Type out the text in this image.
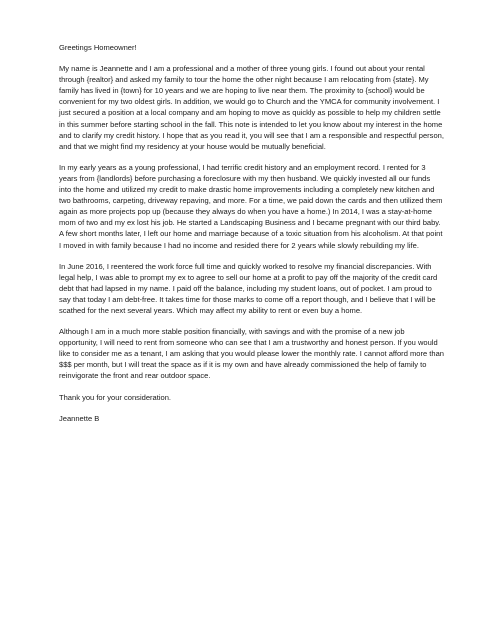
Greetings Homeowner!

My name is Jeannette and I am a professional and a mother of three young girls. I found out about your rental through {realtor} and asked my family to tour the home the other night because I am relocating from {state}. My family has lived in {town} for 10 years and we are hoping to live near them. The proximity to {school} would be convenient for my two oldest girls. In addition, we would go to Church and the YMCA for community involvement. I just secured a position at a local company and am hoping to move as quickly as possible to help my children settle in this summer before starting school in the fall. This note is intended to let you know about my interest in the home and to clarify my credit history. I hope that as you read it, you will see that I am a responsible and respectful person, and that we might find my residency at your house would be mutually beneficial.

In my early years as a young professional, I had terrific credit history and an employment record. I rented for 3 years from {landlords} before purchasing a foreclosure with my then husband. We quickly invested all our funds into the home and utilized my credit to make drastic home improvements including a completely new kitchen and two bathrooms, carpeting, driveway repaving, and more. For a time, we paid down the cards and then utilized them again as more projects pop up (because they always do when you have a home.) In 2014, I was a stay-at-home mom of two and my ex lost his job. He started a Landscaping Business and I became pregnant with our third baby. A few short months later, I left our home and marriage because of a toxic situation from his alcoholism. At that point I moved in with family because I had no income and resided there for 2 years while slowly rebuilding my life.

In June 2016, I reentered the work force full time and quickly worked to resolve my financial discrepancies. With legal help, I was able to prompt my ex to agree to sell our home at a profit to pay off the majority of the credit card debt that had lapsed in my name. I paid off the balance, including my student loans, out of pocket. I am proud to say that today I am debt-free. It takes time for those marks to come off a report though, and I believe that I will be scathed for the next several years. Which may affect my ability to rent or even buy a home.

Although I am in a much more stable position financially, with savings and with the promise of a new job opportunity, I will need to rent from someone who can see that I am a trustworthy and honest person. If you would like to consider me as a tenant, I am asking that you would please lower the monthly rate. I cannot afford more than $$$ per month, but I will treat the space as if it is my own and have already commissioned the help of family to reinvigorate the front and rear outdoor space.

Thank you for your consideration.

Jeannette B
